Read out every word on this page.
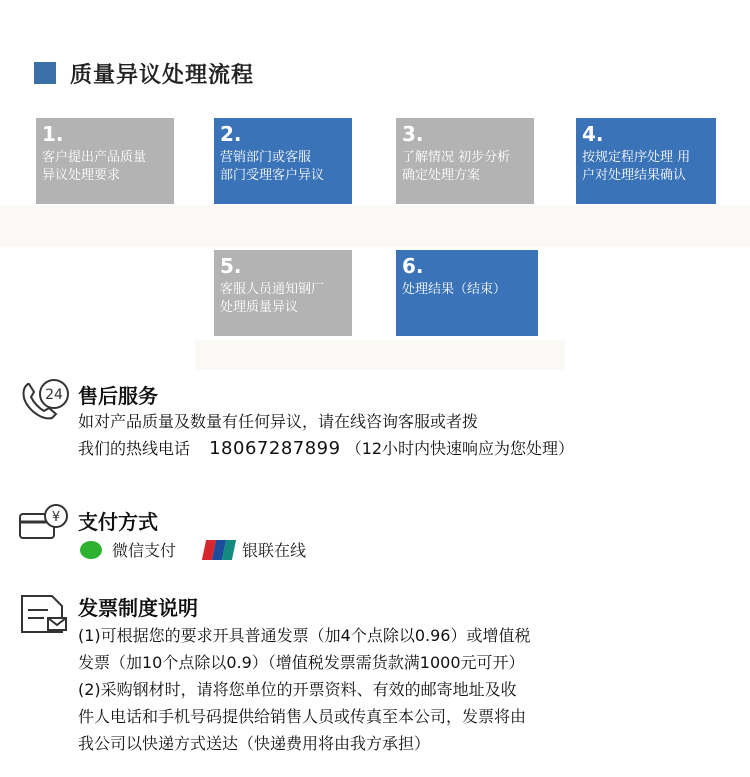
质量异议处理流程
1.
客户提出产品质量
异议处理要求
2.
营销部门或客服
部门受理客户异议
3.
了解情况 初步分析
确定处理方案
4.
按规定程序处理 用
户对处理结果确认
5.
客服人员通知钢厂
处理质量异议
6.
处理结果（结束）
24 售后服务
如对产品质量及数量有任何异议，请在线咨询客服或者拨
我们的热线电话 18067287899 （12小时内快速响应为您处理）
¥ 支付方式
微信支付	银联在线
发票制度说明
(1)可根据您的要求开具普通发票（加4个点除以0.96）或增值税
发票（加10个点除以0.9）（增值税发票需货款满1000元可开）
(2)采购钢材时，请将您单位的开票资料、有效的邮寄地址及收
件人电话和手机号码提供给销售人员或传真至本公司，发票将由
我公司以快递方式送达（快递费用将由我方承担）
